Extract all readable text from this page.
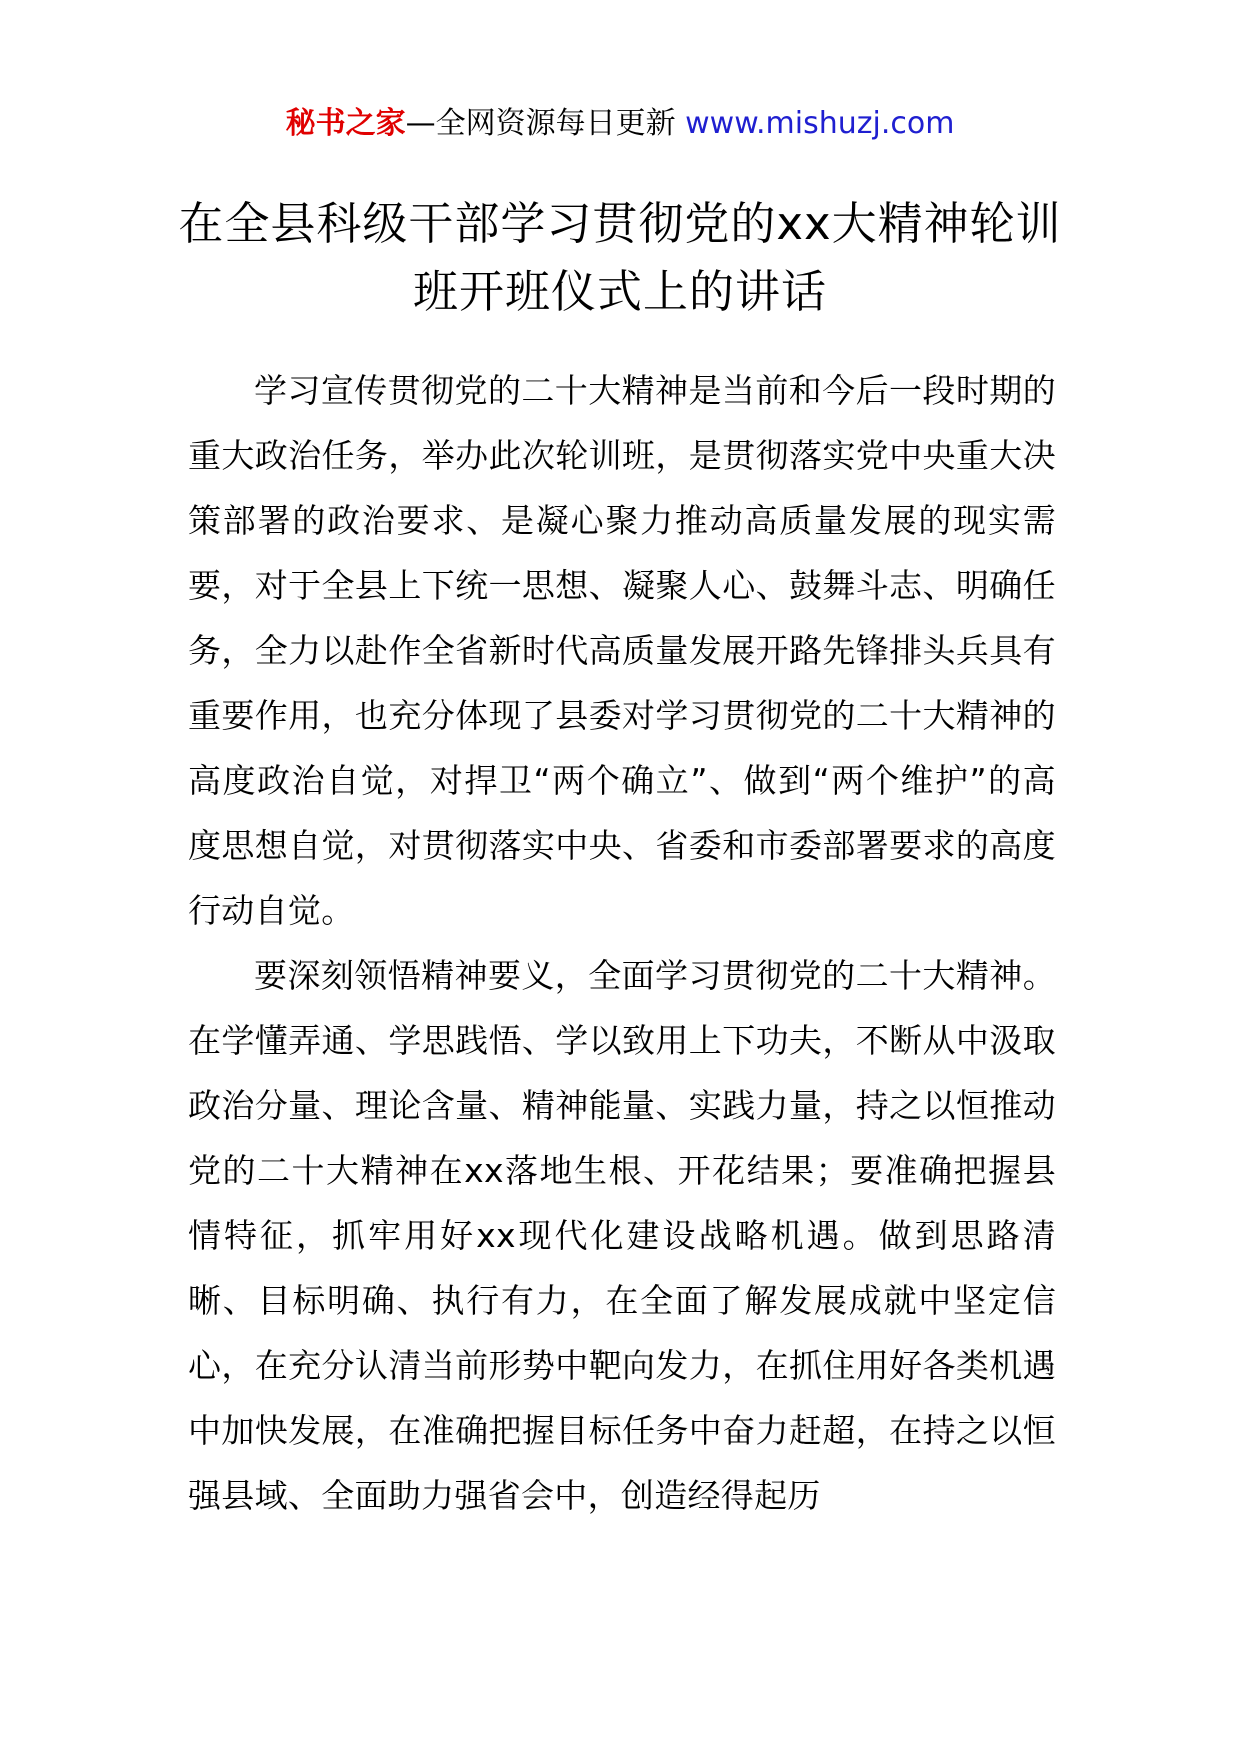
秘书之家—全网资源每日更新 www.mishuzj.com
在全县科级干部学习贯彻党的xx大精神轮训班开班仪式上的讲话

学习宣传贯彻党的二十大精神是当前和今后一段时期的重大政治任务，举办此次轮训班，是贯彻落实党中央重大决策部署的政治要求、是凝心聚力推动高质量发展的现实需要，对于全县上下统一思想、凝聚人心、鼓舞斗志、明确任务，全力以赴作全省新时代高质量发展开路先锋排头兵具有重要作用，也充分体现了县委对学习贯彻党的二十大精神的高度政治自觉，对捍卫“两个确立”、做到“两个维护”的高度思想自觉，对贯彻落实中央、省委和市委部署要求的高度行动自觉。

要深刻领悟精神要义，全面学习贯彻党的二十大精神。在学懂弄通、学思践悟、学以致用上下功夫，不断从中汲取政治分量、理论含量、精神能量、实践力量，持之以恒推动党的二十大精神在xx落地生根、开花结果；要准确把握县情特征，抓牢用好xx现代化建设战略机遇。做到思路清晰、目标明确、执行有力，在全面了解发展成就中坚定信心，在充分认清当前形势中靶向发力，在抓住用好各类机遇中加快发展，在准确把握目标任务中奋力赶超，在持之以恒强县域、全面助力强省会中，创造经得起历
